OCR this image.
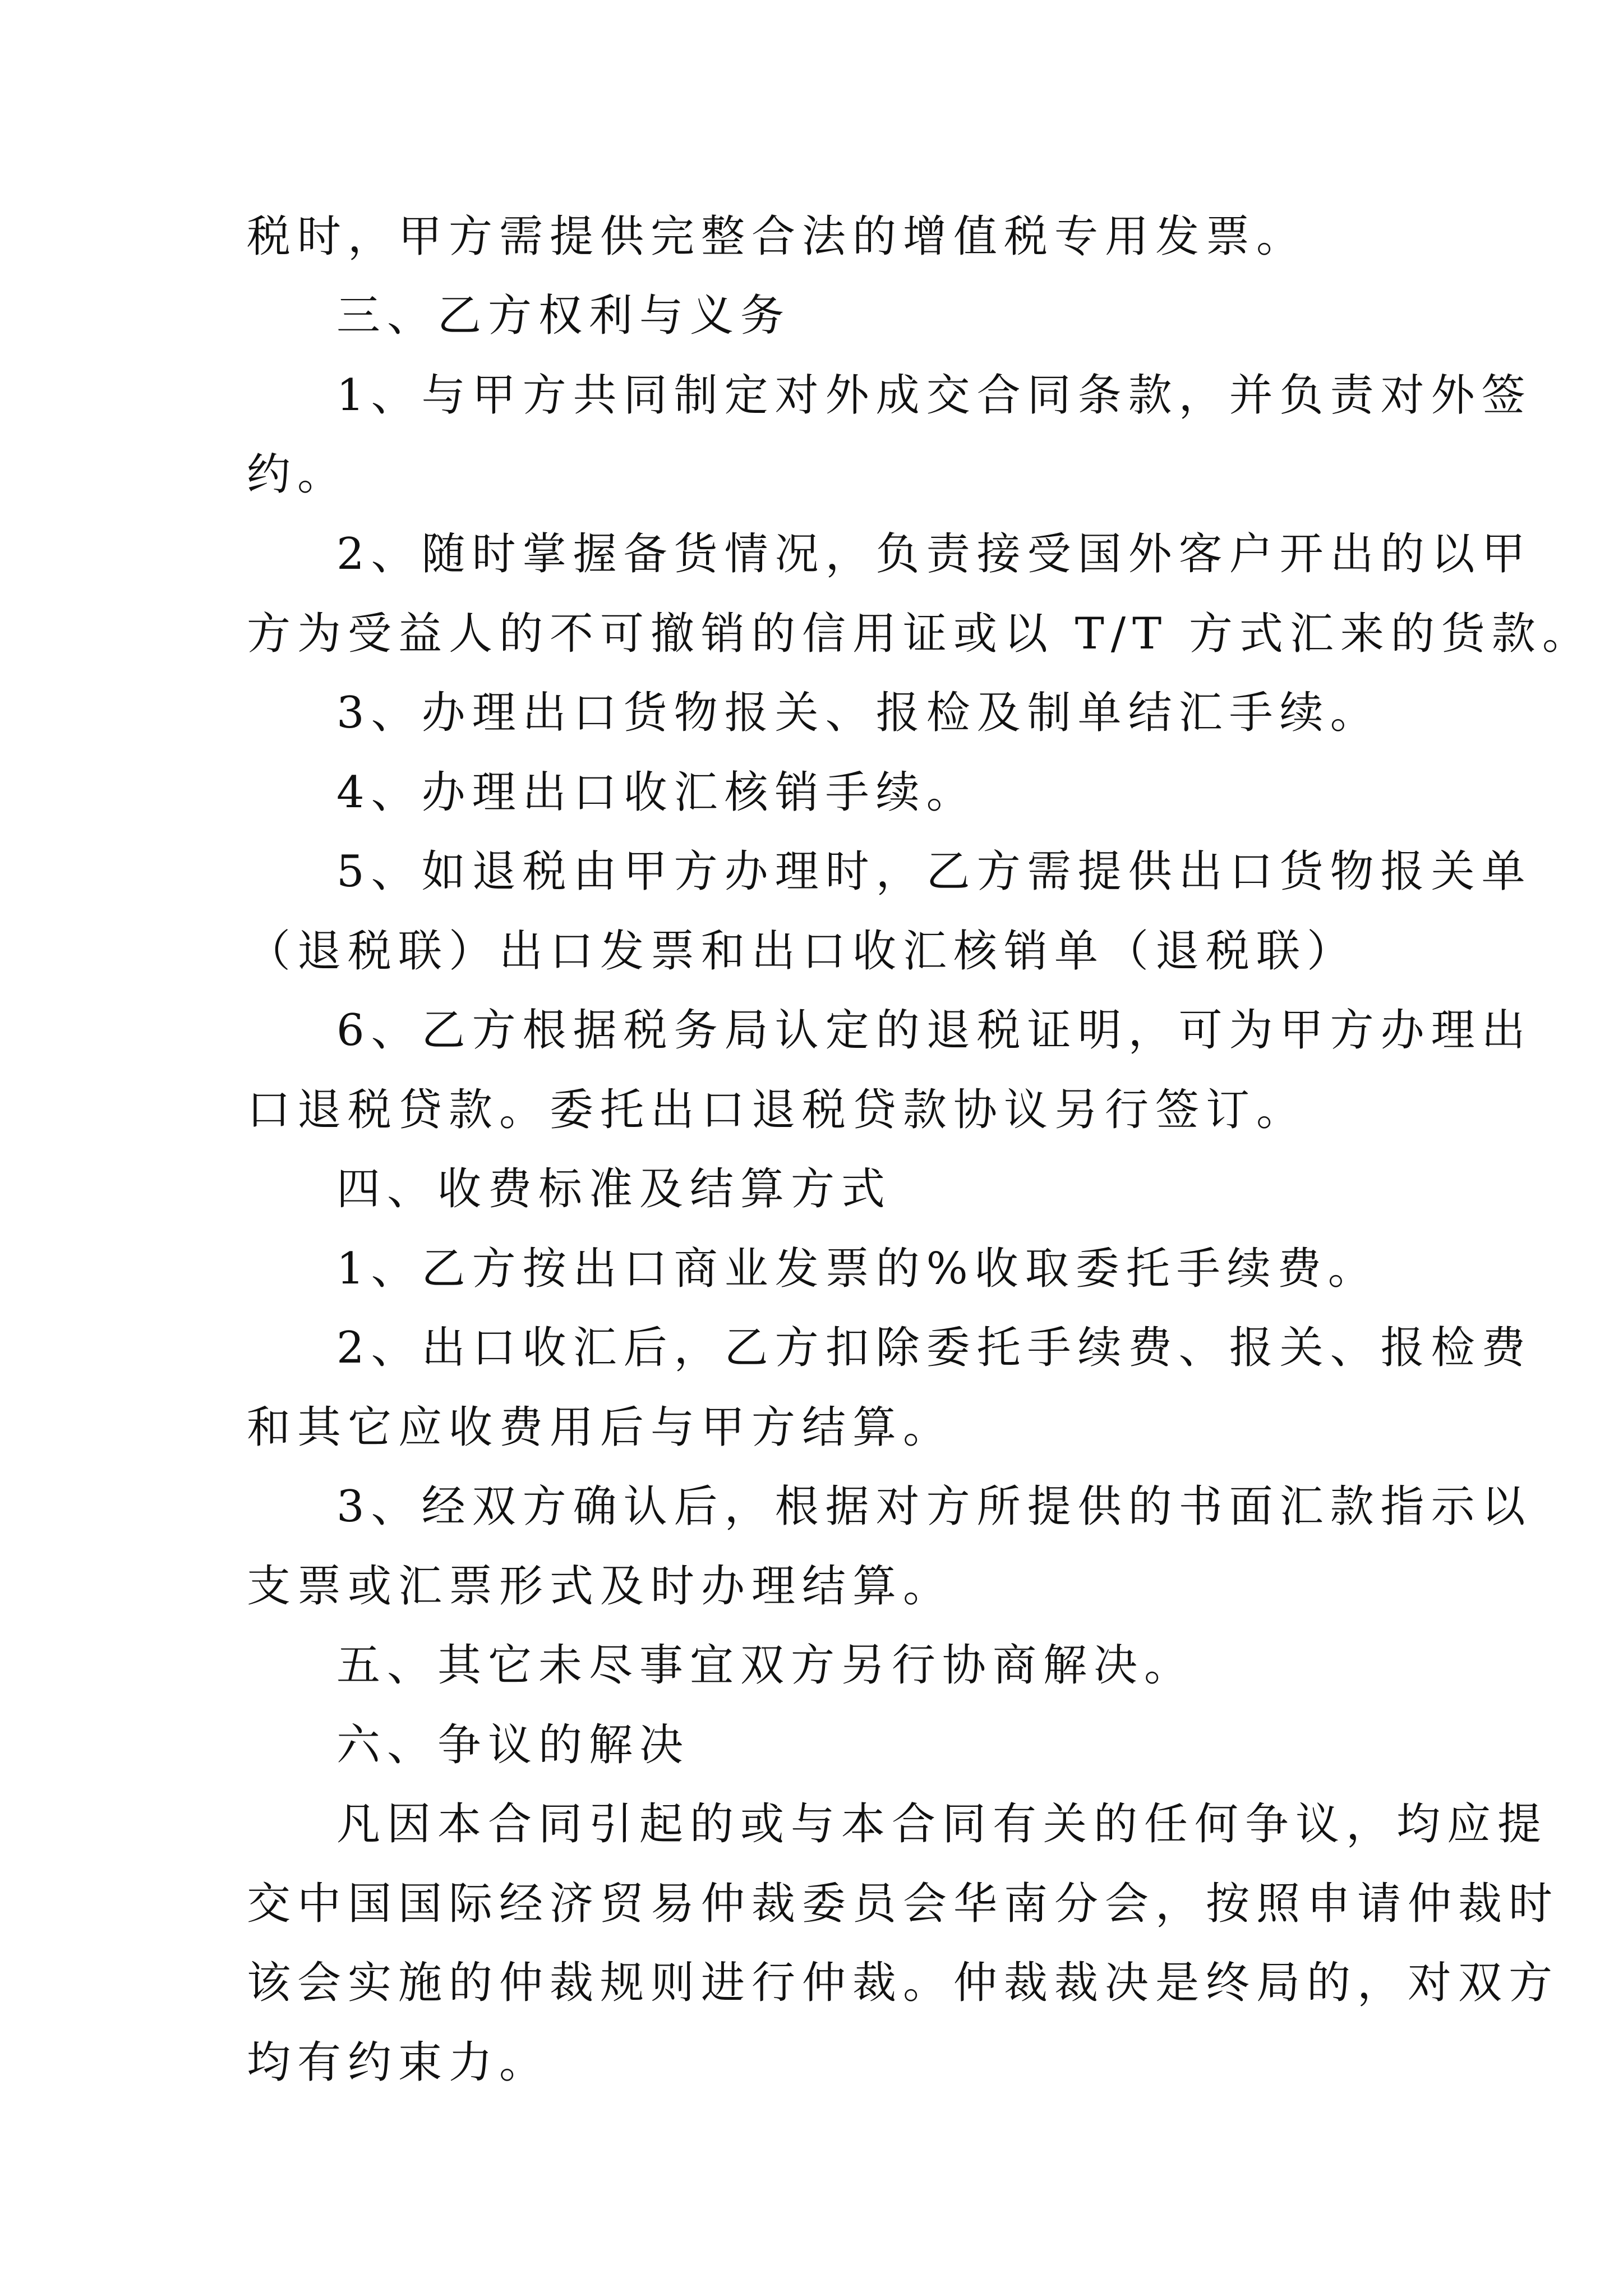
税时，甲方需提供完整合法的增值税专用发票。

三、乙方权利与义务

1、与甲方共同制定对外成交合同条款，并负责对外签

约。

2、随时掌握备货情况，负责接受国外客户开出的以甲

方为受益人的不可撤销的信用证或以 T/T 方式汇来的货款。

3、办理出口货物报关、报检及制单结汇手续。

4、办理出口收汇核销手续。

5、如退税由甲方办理时，乙方需提供出口货物报关单

（退税联）出口发票和出口收汇核销单（退税联）

6、乙方根据税务局认定的退税证明，可为甲方办理出

口退税贷款。委托出口退税贷款协议另行签订。

四、收费标准及结算方式

1、乙方按出口商业发票的%收取委托手续费。

2、出口收汇后，乙方扣除委托手续费、报关、报检费

和其它应收费用后与甲方结算。

3、经双方确认后，根据对方所提供的书面汇款指示以

支票或汇票形式及时办理结算。

五、其它未尽事宜双方另行协商解决。

六、争议的解决

凡因本合同引起的或与本合同有关的任何争议，均应提

交中国国际经济贸易仲裁委员会华南分会，按照申请仲裁时

该会实施的仲裁规则进行仲裁。仲裁裁决是终局的，对双方

均有约束力。
